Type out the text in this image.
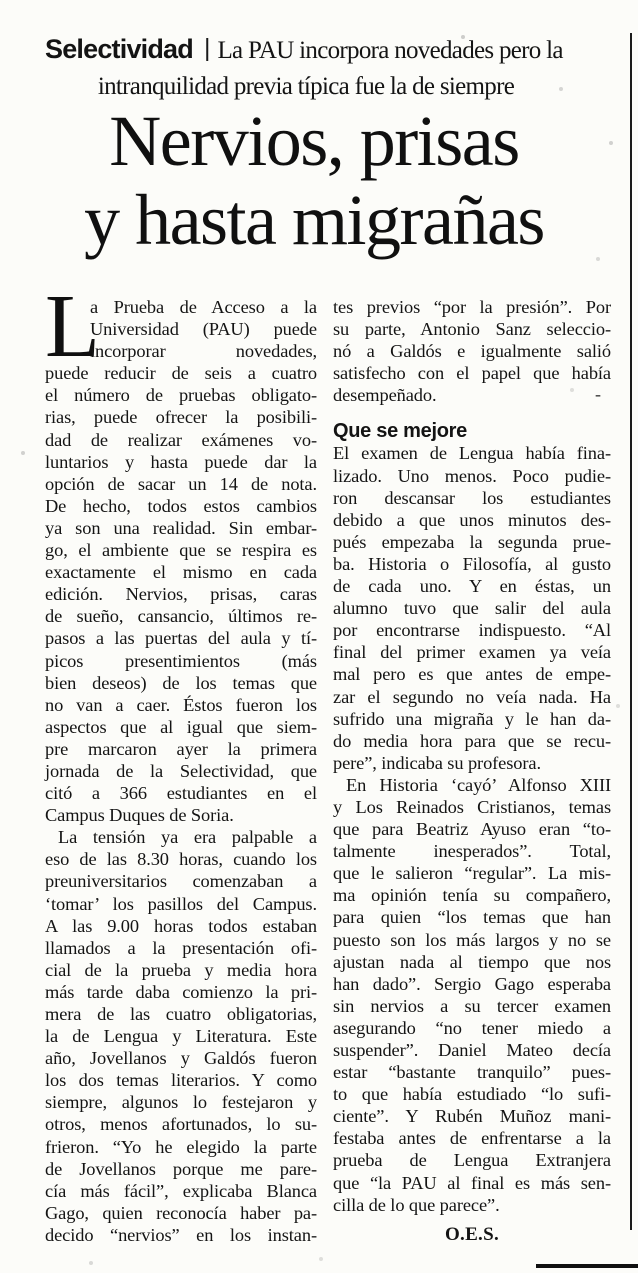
Selectividad | La PAU incorpora novedades pero la
intranquilidad previa típica fue la de siempre
Nervios, prisas
y hasta migrañas
L
a Prueba de Acceso a la
Universidad (PAU) puede
incorporar novedades,
puede reducir de seis a cuatro
el número de pruebas obligato-
rias, puede ofrecer la posibili-
dad de realizar exámenes vo-
luntarios y hasta puede dar la
opción de sacar un 14 de nota.
De hecho, todos estos cambios
ya son una realidad. Sin embar-
go, el ambiente que se respira es
exactamente el mismo en cada
edición. Nervios, prisas, caras
de sueño, cansancio, últimos re-
pasos a las puertas del aula y tí-
picos presentimientos (más
bien deseos) de los temas que
no van a caer. Éstos fueron los
aspectos que al igual que siem-
pre marcaron ayer la primera
jornada de la Selectividad, que
citó a 366 estudiantes en el
Campus Duques de Soria.
La tensión ya era palpable a
eso de las 8.30 horas, cuando los
preuniversitarios comenzaban a
‘tomar’ los pasillos del Campus.
A las 9.00 horas todos estaban
llamados a la presentación ofi-
cial de la prueba y media hora
más tarde daba comienzo la pri-
mera de las cuatro obligatorias,
la de Lengua y Literatura. Este
año, Jovellanos y Galdós fueron
los dos temas literarios. Y como
siempre, algunos lo festejaron y
otros, menos afortunados, lo su-
frieron. “Yo he elegido la parte
de Jovellanos porque me pare-
cía más fácil”, explicaba Blanca
Gago, quien reconocía haber pa-
decido “nervios” en los instan-
-
tes previos “por la presión”. Por
su parte, Antonio Sanz seleccio-
nó a Galdós e igualmente salió
satisfecho con el papel que había
desempeñado.
Que se mejore
El examen de Lengua había fina-
lizado. Uno menos. Poco pudie-
ron descansar los estudiantes
debido a que unos minutos des-
pués empezaba la segunda prue-
ba. Historia o Filosofía, al gusto
de cada uno. Y en éstas, un
alumno tuvo que salir del aula
por encontrarse indispuesto. “Al
final del primer examen ya veía
mal pero es que antes de empe-
zar el segundo no veía nada. Ha
sufrido una migraña y le han da-
do media hora para que se recu-
pere”, indicaba su profesora.
En Historia ‘cayó’ Alfonso XIII
y Los Reinados Cristianos, temas
que para Beatriz Ayuso eran “to-
talmente inesperados”. Total,
que le salieron “regular”. La mis-
ma opinión tenía su compañero,
para quien “los temas que han
puesto son los más largos y no se
ajustan nada al tiempo que nos
han dado”. Sergio Gago esperaba
sin nervios a su tercer examen
asegurando “no tener miedo a
suspender”. Daniel Mateo decía
estar “bastante tranquilo” pues-
to que había estudiado “lo sufi-
ciente”. Y Rubén Muñoz mani-
festaba antes de enfrentarse a la
prueba de Lengua Extranjera
que “la PAU al final es más sen-
cilla de lo que parece”.
O.E.S.
